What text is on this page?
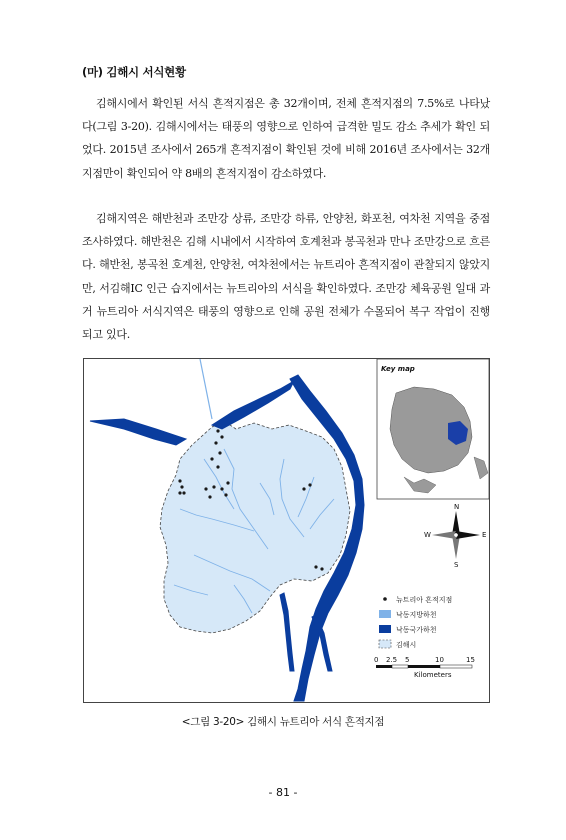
(마) 김해시 서식현황
김해시에서 확인된 서식 흔적지점은 총 32개이며, 전체 흔적지점의 7.5%로 나타났다(그림 3-20). 김해시에서는 태풍의 영향으로 인하여 급격한 밀도 감소 추세가 확인 되었다. 2015년 조사에서 265개 흔적지점이 확인된 것에 비해 2016년 조사에서는 32개 지점만이 확인되어 약 8배의 흔적지점이 감소하였다.
김해지역은 해반천과 조만강 상류, 조만강 하류, 안양천, 화포천, 여차천 지역을 중점 조사하였다. 해반천은 김해 시내에서 시작하여 호계천과 봉곡천과 만나 조만강으로 흐른다. 해반천, 봉곡천 호계천, 안양천, 여차천에서는 뉴트리아 흔적지점이 관찰되지 않았지만, 서김해IC 인근 습지에서는 뉴트리아의 서식을 확인하였다. 조만강 체육공원 일대 과거 뉴트리아 서식지역은 태풍의 영향으로 인해 공원 전체가 수몰되어 복구 작업이 진행되고 있다.
Key map
N
S
E
W
뉴트리아 흔적지점
낙동지방하천
낙동국가하천
김해시
0 2.5 5	10	15
Kilometers
<그림 3-20> 김해시 뉴트리아 서식 흔적지점
- 81 -
